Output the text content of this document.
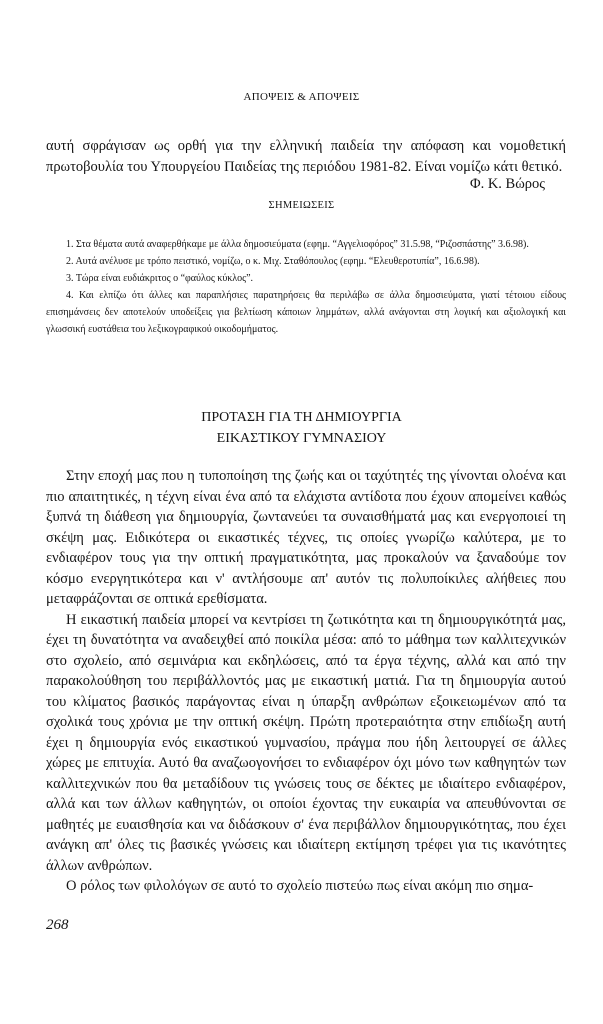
ΑΠΟΨΕΙΣ & ΑΠΟΨΕΙΣ

αυτή σφράγισαν ως ορθή για την ελληνική παιδεία την απόφαση και νομοθετική πρωτοβουλία του Υπουργείου Παιδείας της περιόδου 1981-82. Είναι νομίζω κάτι θετικό.

Φ. Κ. Βώρος
ΣΗΜΕΙΩΣΕΙΣ

1. Στα θέματα αυτά αναφερθήκαμε με άλλα δημοσιεύματα (εφημ. “Αγγελιοφόρος” 31.5.98, “Ριζοσπάστης” 3.6.98).

2. Αυτά ανέλυσε με τρόπο πειστικό, νομίζω, ο κ. Μιχ. Σταθόπουλος (εφημ. “Ελευθεροτυπία”, 16.6.98).

3. Τώρα είναι ευδιάκριτος ο “φαύλος κύκλος”.

4. Και ελπίζω ότι άλλες και παραπλήσιες παρατηρήσεις θα περιλάβω σε άλλα δημοσιεύματα, γιατί τέτοιου είδους επισημάνσεις δεν αποτελούν υποδείξεις για βελτίωση κάποιων λημμάτων, αλλά ανάγονται στη λογική και αξιολογική και γλωσσική ευστάθεια του λεξικογραφικού οικοδομήματος.

ΠΡΟΤΑΣΗ ΓΙΑ ΤΗ ΔΗΜΙΟΥΡΓΙΑ
ΕΙΚΑΣΤΙΚΟΥ ΓΥΜΝΑΣΙΟΥ

Στην εποχή μας που η τυποποίηση της ζωής και οι ταχύτητές της γίνονται ολοένα και πιο απαιτητικές, η τέχνη είναι ένα από τα ελάχιστα αντίδοτα που έχουν απομείνει καθώς ξυπνά τη διάθεση για δημιουργία, ζωντανεύει τα συναισθήματά μας και ενεργοποιεί τη σκέψη μας. Ειδικότερα οι εικαστικές τέχνες, τις οποίες γνωρίζω καλύτερα, με το ενδιαφέρον τους για την οπτική πραγματικότητα, μας προκαλούν να ξαναδούμε τον κόσμο ενεργητικότερα και ν' αντλήσουμε απ' αυτόν τις πολυποίκιλες αλήθειες που μεταφράζονται σε οπτικά ερεθίσματα.

Η εικαστική παιδεία μπορεί να κεντρίσει τη ζωτικότητα και τη δημιουργικότητά μας, έχει τη δυνατότητα να αναδειχθεί από ποικίλα μέσα: από το μάθημα των καλλιτεχνικών στο σχολείο, από σεμινάρια και εκδηλώσεις, από τα έργα τέχνης, αλλά και από την παρακολούθηση του περιβάλλοντός μας με εικαστική ματιά. Για τη δημιουργία αυτού του κλίματος βασικός παράγοντας είναι η ύπαρξη ανθρώπων εξοικειωμένων από τα σχολικά τους χρόνια με την οπτική σκέψη. Πρώτη προτεραιότητα στην επιδίωξη αυτή έχει η δημιουργία ενός εικαστικού γυμνασίου, πράγμα που ήδη λειτουργεί σε άλλες χώρες με επιτυχία. Αυτό θα αναζωογονήσει το ενδιαφέρον όχι μόνο των καθηγητών των καλλιτεχνικών που θα μεταδίδουν τις γνώσεις τους σε δέκτες με ιδιαίτερο ενδιαφέρον, αλλά και των άλλων καθηγητών, οι οποίοι έχοντας την ευκαιρία να απευθύνονται σε μαθητές με ευαισθησία και να διδάσκουν σ' ένα περιβάλλον δημιουργικότητας, που έχει ανάγκη απ' όλες τις βασικές γνώσεις και ιδιαίτερη εκτίμηση τρέφει για τις ικανότητες άλλων ανθρώπων.

Ο ρόλος των φιλολόγων σε αυτό το σχολείο πιστεύω πως είναι ακόμη πιο σημα-

268
